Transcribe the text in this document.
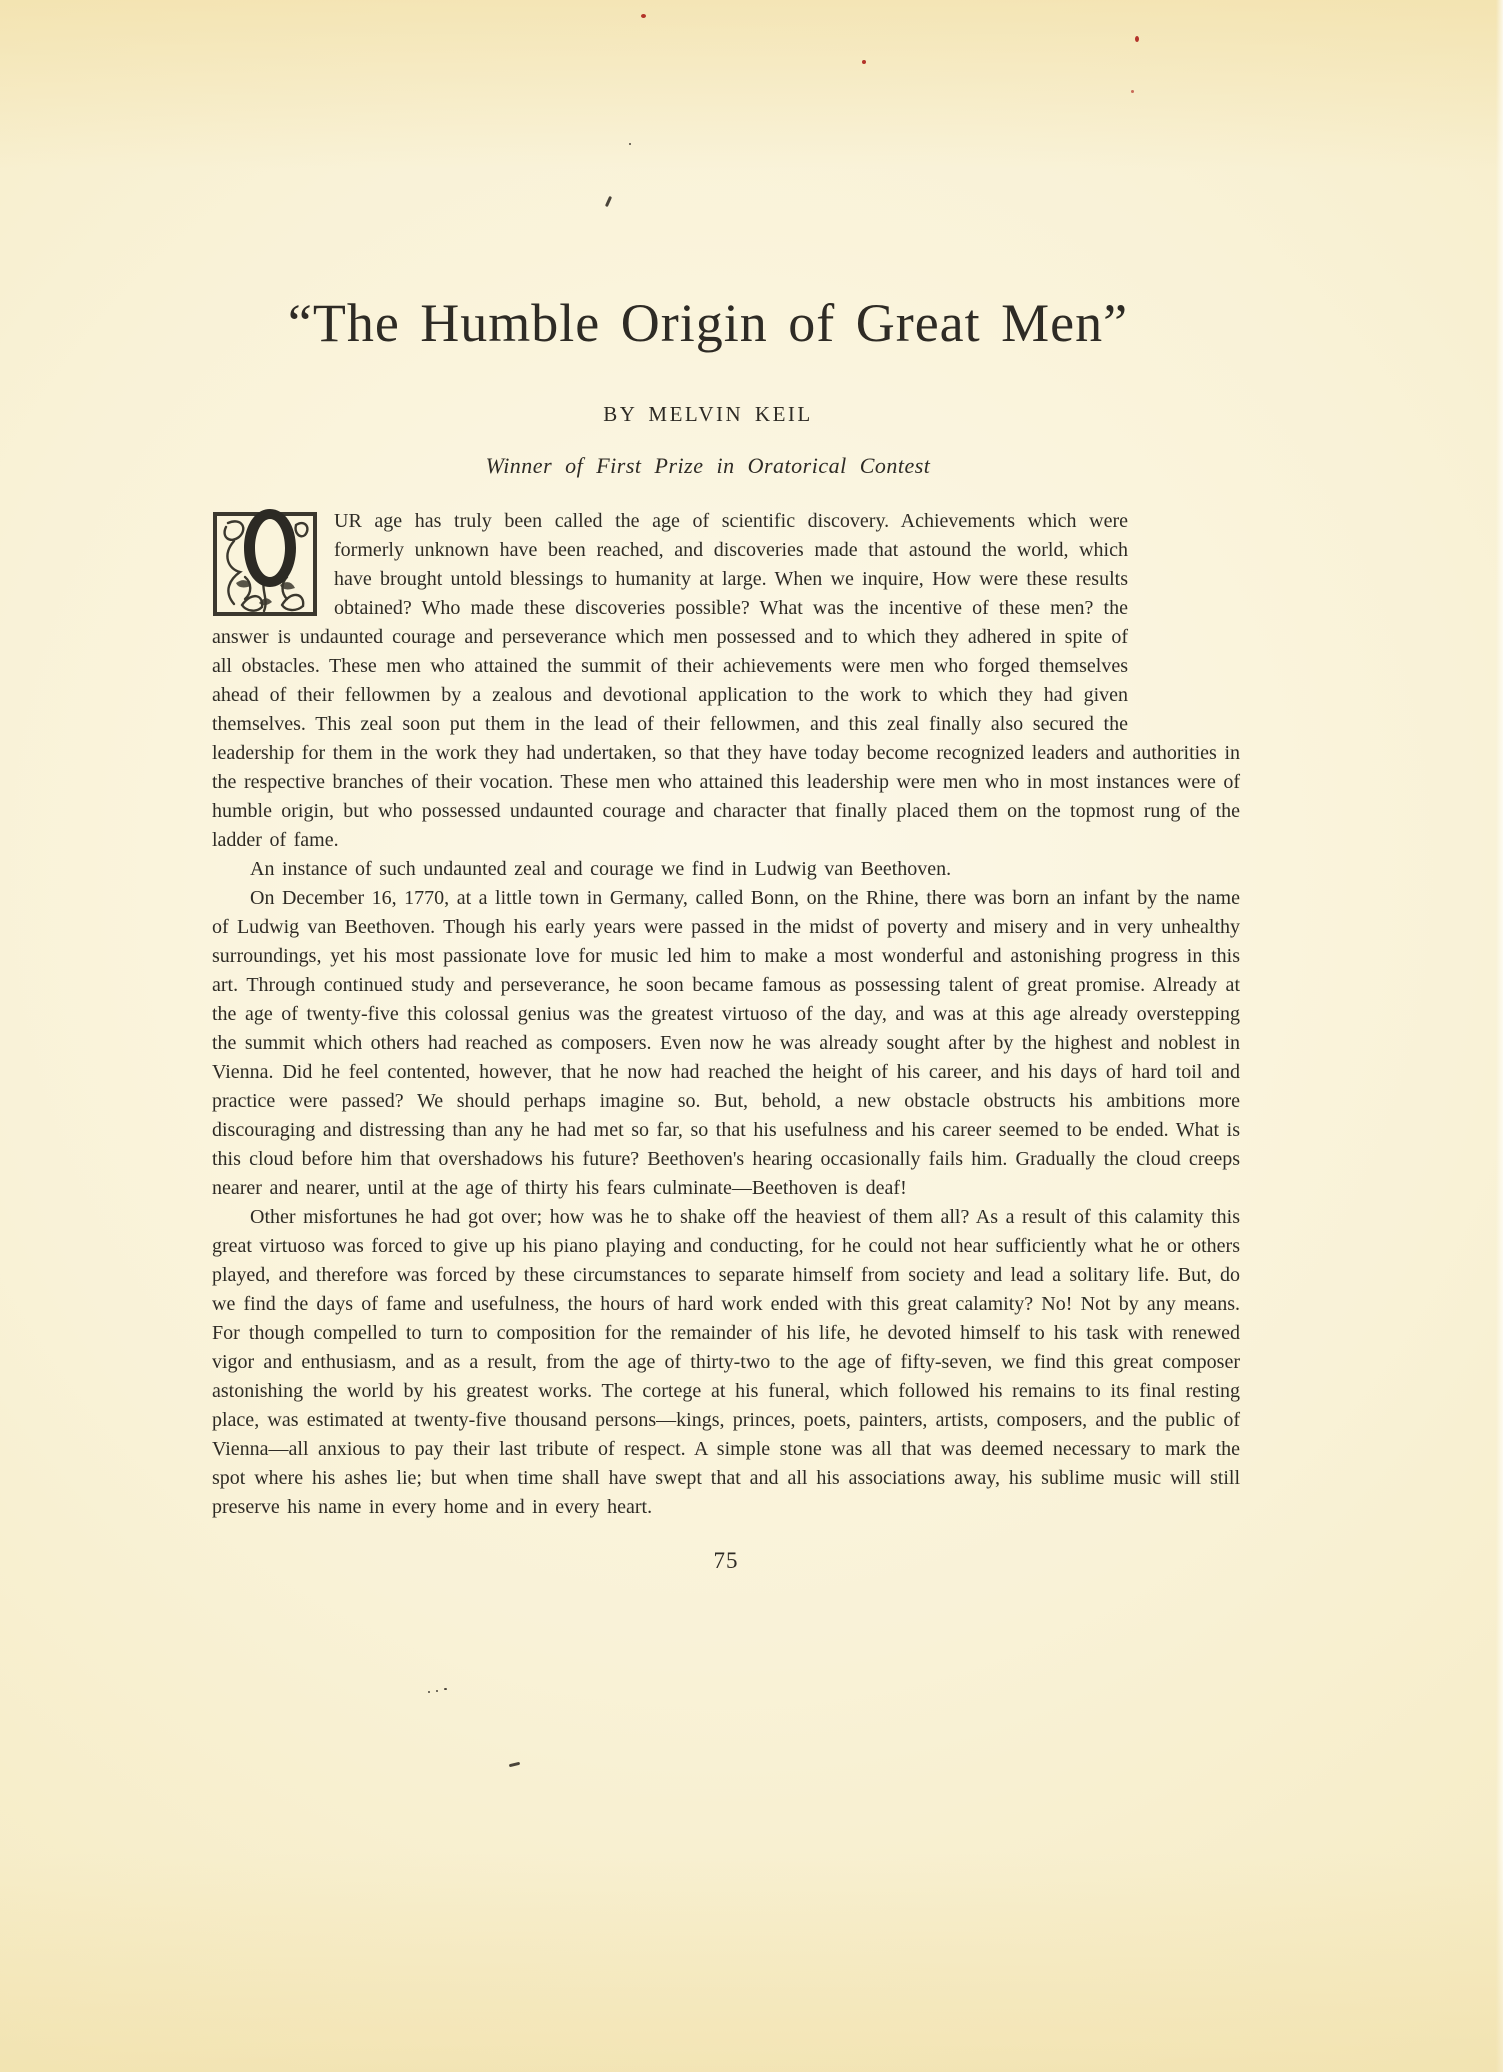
“The Humble Origin of Great Men”
BY MELVIN KEIL
Winner of First Prize in Oratorical Contest

UR age has truly been called the age of scientific discovery. Achievements which were formerly unknown have been reached, and discoveries made that astound the world, which have brought untold blessings to humanity at large. When we inquire, How were these results obtained? Who made these discoveries possible? What was the incentive of these men? the answer is undaunted courage and perseverance which men possessed and to which they adhered in spite of all obstacles. These men who attained the summit of their achievements were men who forged themselves ahead of their fellowmen by a zealous and devotional application to the work to which they had given themselves. This zeal soon put them in the lead of their fellowmen, and this zeal finally also secured the leadership for them in the work they had undertaken, so that they have today become recognized leaders and authorities in the respective branches of their vocation. These men who attained this leadership were men who in most instances were of humble origin, but who possessed undaunted courage and character that finally placed them on the topmost rung of the ladder of fame.

An instance of such undaunted zeal and courage we find in Ludwig van Beethoven.

On December 16, 1770, at a little town in Germany, called Bonn, on the Rhine, there was born an infant by the name of Ludwig van Beethoven. Though his early years were passed in the midst of poverty and misery and in very unhealthy surroundings, yet his most passionate love for music led him to make a most wonderful and astonishing progress in this art. Through continued study and perseverance, he soon became famous as possessing talent of great promise. Already at the age of twenty-five this colossal genius was the greatest virtuoso of the day, and was at this age already overstepping the summit which others had reached as composers. Even now he was already sought after by the highest and noblest in Vienna. Did he feel contented, however, that he now had reached the height of his career, and his days of hard toil and practice were passed? We should perhaps imagine so. But, behold, a new obstacle obstructs his ambitions more discouraging and distressing than any he had met so far, so that his usefulness and his career seemed to be ended. What is this cloud before him that overshadows his future? Beethoven's hearing occasionally fails him. Gradually the cloud creeps nearer and nearer, until at the age of thirty his fears culminate—Beethoven is deaf!

Other misfortunes he had got over; how was he to shake off the heaviest of them all? As a result of this calamity this great virtuoso was forced to give up his piano playing and conducting, for he could not hear sufficiently what he or others played, and therefore was forced by these circumstances to separate himself from society and lead a solitary life. But, do we find the days of fame and usefulness, the hours of hard work ended with this great calamity? No! Not by any means. For though compelled to turn to composition for the remainder of his life, he devoted himself to his task with renewed vigor and enthusiasm, and as a result, from the age of thirty-two to the age of fifty-seven, we find this great composer astonishing the world by his greatest works. The cortege at his funeral, which followed his remains to its final resting place, was estimated at twenty-five thousand persons—kings, princes, poets, painters, artists, composers, and the public of Vienna—all anxious to pay their last tribute of respect. A simple stone was all that was deemed necessary to mark the spot where his ashes lie; but when time shall have swept that and all his associations away, his sublime music will still preserve his name in every home and in every heart.

75
